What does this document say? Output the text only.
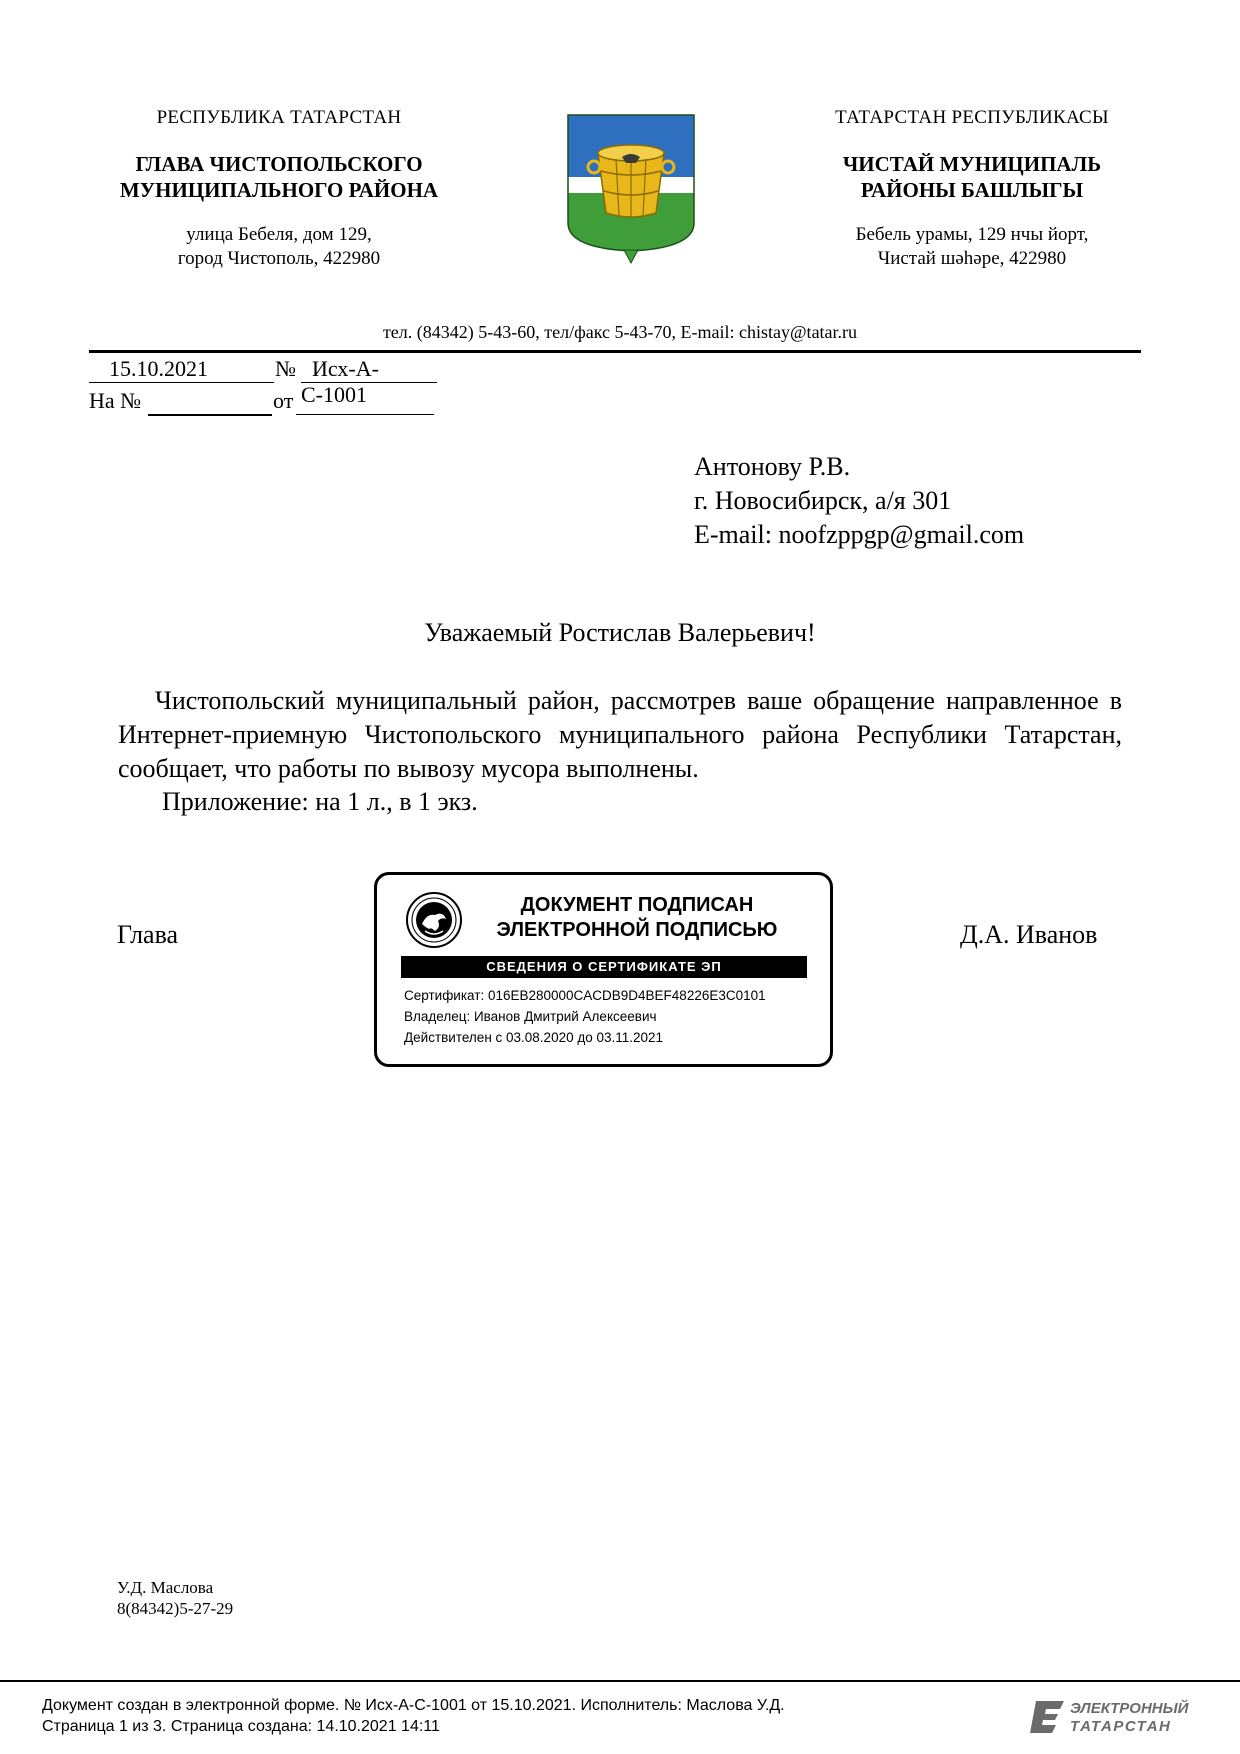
РЕСПУБЛИКА ТАТАРСТАН
ГЛАВА ЧИСТОПОЛЬСКОГО
МУНИЦИПАЛЬНОГО РАЙОНА
улица Бебеля, дом 129,
город Чистополь, 422980
ТАТАРСТАН РЕСПУБЛИКАСЫ
ЧИСТАЙ МУНИЦИПАЛЬ
РАЙОНЫ БАШЛЫГЫ
Бебель урамы, 129 нчы йорт,
Чистай шәһәре, 422980
тел. (84342) 5-43-60, тел/факс 5-43-70, E-mail: chistay@tatar.ru
15.10.2021	№ Исх-А-С-1001
На №	от
Антонову Р.В.
г. Новосибирск, а/я 301
E-mail: noofzppgp@gmail.com
Уважаемый Ростислав Валерьевич!
Чистопольский муниципальный район, рассмотрев ваше обращение направленное в Интернет-приемную Чистопольского муниципального района Республики Татарстан, сообщает, что работы по вывозу мусора выполнены.
Приложение: на 1 л., в 1 экз.
Глава	Д.А. Иванов
ДОКУМЕНТ ПОДПИСАН
ЭЛЕКТРОННОЙ ПОДПИСЬЮ
СВЕДЕНИЯ О СЕРТИФИКАТЕ ЭП
Сертификат: 016EB280000CACDB9D4BEF48226E3C0101
Владелец: Иванов Дмитрий Алексеевич
Действителен с 03.08.2020 до 03.11.2021
У.Д. Маслова
8(84342)5-27-29
Документ создан в электронной форме. № Исх-А-С-1001 от 15.10.2021. Исполнитель: Маслова У.Д.
Страница 1 из 3. Страница создана: 14.10.2021 14:11
ЭЛЕКТРОННЫЙ
ТАТАРСТАН
